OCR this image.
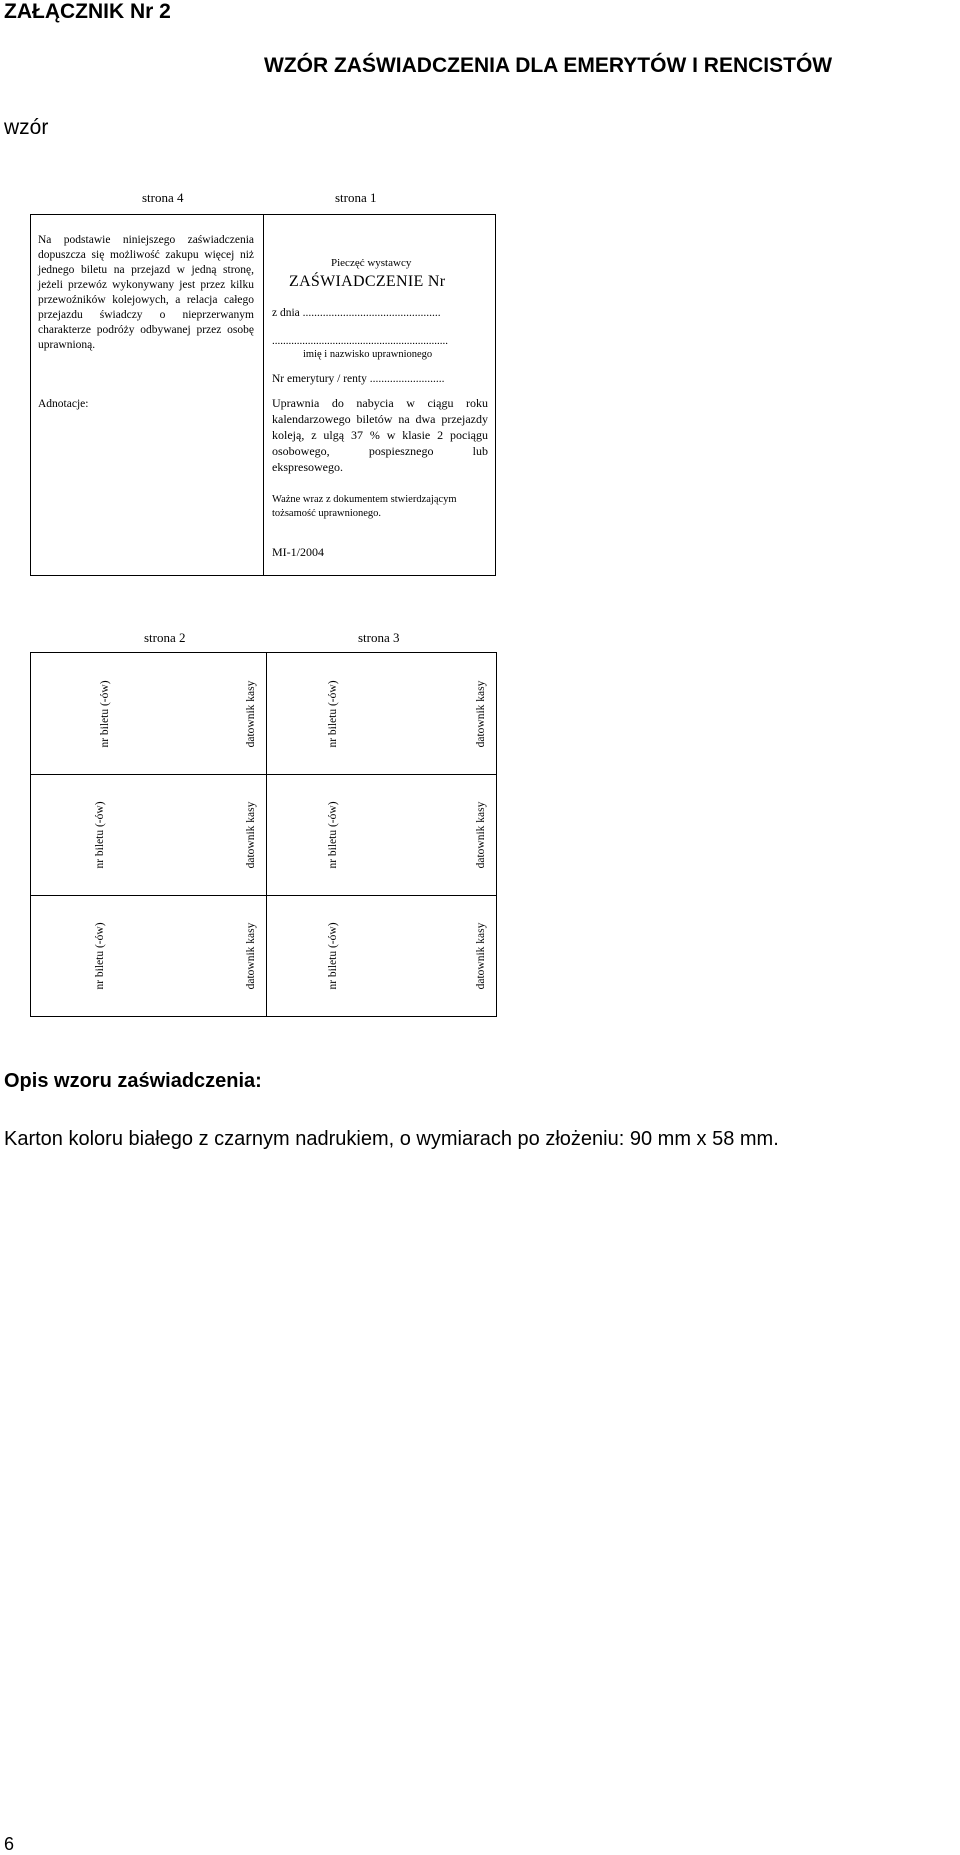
ZAŁĄCZNIK Nr 2
WZÓR ZAŚWIADCZENIA DLA EMERYTÓW I RENCISTÓW
wzór
strona 4	strona 1
Na podstawie niniejszego zaświadczenia dopuszcza się możliwość zakupu więcej niż jednego biletu na przejazd w jedną stronę, jeżeli przewóz wykonywany jest przez kilku przewoźników kolejowych, a relacja całego przejazdu świadczy o nieprzerwanym charakterze podróży odbywanej przez osobę uprawnioną.
Adnotacje:
Pieczęć wystawcy
ZAŚWIADCZENIE Nr
z dnia ................................................
................................................................
imię i nazwisko uprawnionego
Nr emerytury / renty ..........................
Uprawnia do nabycia w ciągu roku kalendarzowego biletów na dwa przejazdy koleją, z ulgą 37 % w klasie 2 pociągu osobowego, pospiesznego lub ekspresowego.
Ważne wraz z dokumentem stwierdzającym tożsamość uprawnionego.
MI-1/2004
strona 2	strona 3
nr biletu (-ów)	datownik kasy	nr biletu (-ów)	datownik kasy
nr biletu (-ów)	datownik kasy	nr biletu (-ów)	datownik kasy
nr biletu (-ów)	datownik kasy	nr biletu (-ów)	datownik kasy
Opis wzoru zaświadczenia:
Karton koloru białego z czarnym nadrukiem, o wymiarach po złożeniu: 90 mm x 58 mm.
6
